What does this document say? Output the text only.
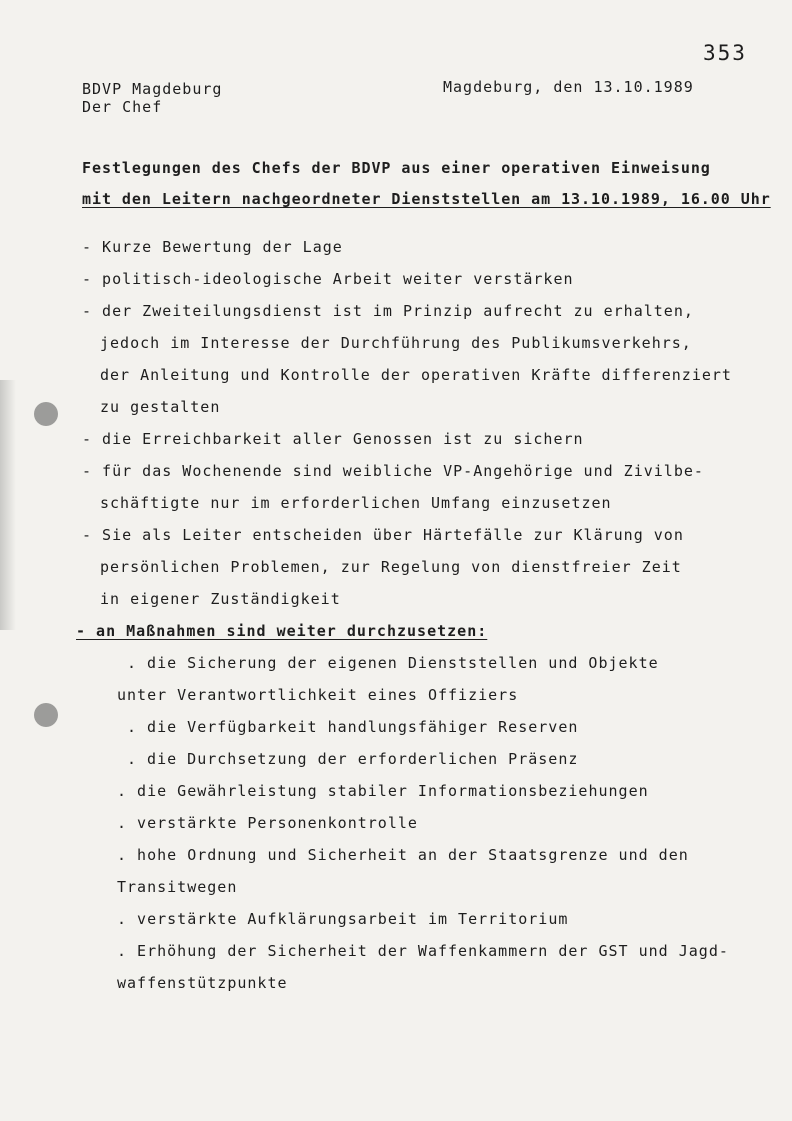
353
BDVP Magdeburg
Der Chef
Magdeburg, den 13.10.1989
Festlegungen des Chefs der BDVP aus einer operativen Einweisung
mit den Leitern nachgeordneter Dienststellen am 13.10.1989, 16.00 Uhr
- Kurze Bewertung der Lage
- politisch-ideologische Arbeit weiter verstärken
- der Zweiteilungsdienst ist im Prinzip aufrecht zu erhalten,
jedoch im Interesse der Durchführung des Publikumsverkehrs,
der Anleitung und Kontrolle der operativen Kräfte differenziert
zu gestalten
- die Erreichbarkeit aller Genossen ist zu sichern
- für das Wochenende sind weibliche VP-Angehörige und Zivilbe-
schäftigte nur im erforderlichen Umfang einzusetzen
- Sie als Leiter entscheiden über Härtefälle zur Klärung von
persönlichen Problemen, zur Regelung von dienstfreier Zeit
in eigener Zuständigkeit
- an Maßnahmen sind weiter durchzusetzen:
. die Sicherung der eigenen Dienststellen und Objekte
unter Verantwortlichkeit eines Offiziers
. die Verfügbarkeit handlungsfähiger Reserven
. die Durchsetzung der erforderlichen Präsenz
. die Gewährleistung stabiler Informationsbeziehungen
. verstärkte Personenkontrolle
. hohe Ordnung und Sicherheit an der Staatsgrenze und den
Transitwegen
. verstärkte Aufklärungsarbeit im Territorium
. Erhöhung der Sicherheit der Waffenkammern der GST und Jagd-
waffenstützpunkte
